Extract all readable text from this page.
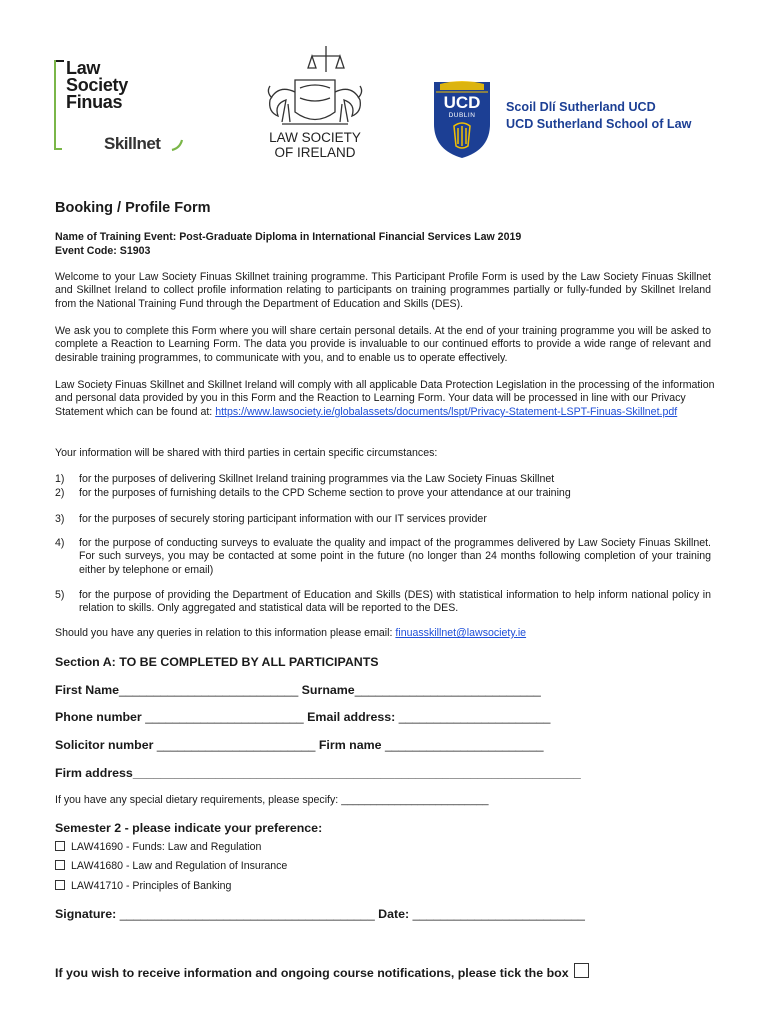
Law
Society
Finuas
Skillnet	LAW SOCIETY
OF IRELAND
UCD
DUBLIN
Scoil Dlí Sutherland UCD
UCD Sutherland School of Law
Booking / Profile Form
Name of Training Event: Post-Graduate Diploma in International Financial Services Law 2019
Event Code: S1903
Welcome to your Law Society Finuas Skillnet training programme. This Participant Profile Form is used by the Law Society Finuas Skillnet and Skillnet Ireland to collect profile information relating to participants on training programmes partially or fully-funded by Skillnet Ireland from the National Training Fund through the Department of Education and Skills (DES).
We ask you to complete this Form where you will share certain personal details. At the end of your training programme you will be asked to complete a Reaction to Learning Form. The data you provide is invaluable to our continued efforts to provide a wide range of relevant and desirable training programmes, to communicate with you, and to enable us to operate effectively.
Law Society Finuas Skillnet and Skillnet Ireland will comply with all applicable Data Protection Legislation in the processing of the information and personal data provided by you in this Form and the Reaction to Learning Form. Your data will be processed in line with our Privacy Statement which can be found at: https://www.lawsociety.ie/globalassets/documents/lspt/Privacy-Statement-LSPT-Finuas-Skillnet.pdf
Your information will be shared with third parties in certain specific circumstances:
1)	for the purposes of delivering Skillnet Ireland training programmes via the Law Society Finuas Skillnet
2)	for the purposes of furnishing details to the CPD Scheme section to prove your attendance at our training
3)	for the purposes of securely storing participant information with our IT services provider
4)	for the purpose of conducting surveys to evaluate the quality and impact of the programmes delivered by Law Society Finuas Skillnet. For such surveys, you may be contacted at some point in the future (no longer than 24 months following completion of your training either by telephone or email)
5)	for the purpose of providing the Department of Education and Skills (DES) with statistical information to help inform national policy in relation to skills. Only aggregated and statistical data will be reported to the DES.
Should you have any queries in relation to this information please email: finuasskillnet@lawsociety.ie
Section A: TO BE COMPLETED BY ALL PARTICIPANTS
First Name__________________________ Surname___________________________
Phone number _______________________ Email address: ______________________
Solicitor number _______________________ Firm name _______________________
Firm address_________________________________________________________________
If you have any special dietary requirements, please specify: _________________________
Semester 2 - please indicate your preference:
LAW41690 - Funds: Law and Regulation
LAW41680 - Law and Regulation of Insurance
LAW41710 - Principles of Banking
Signature: _____________________________________ Date: _________________________
If you wish to receive information and ongoing course notifications, please tick the box
